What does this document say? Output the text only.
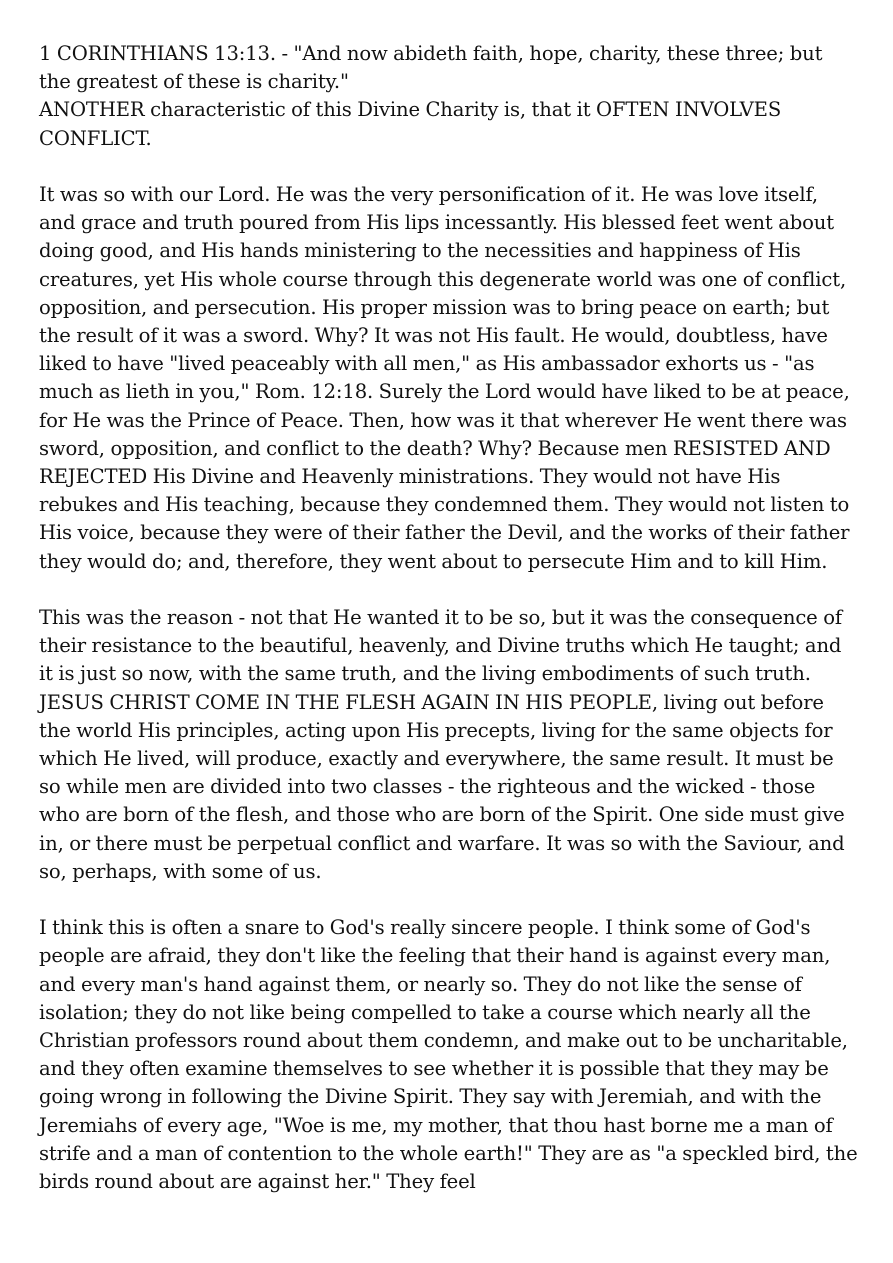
1 CORINTHIANS 13:13. - "And now abideth faith, hope, charity, these three; but the greatest of these is charity."

ANOTHER characteristic of this Divine Charity is, that it OFTEN INVOLVES CONFLICT.

It was so with our Lord. He was the very personification of it. He was love itself, and grace and truth poured from His lips incessantly. His blessed feet went about doing good, and His hands ministering to the necessities and happiness of His creatures, yet His whole course through this degenerate world was one of conflict, opposition, and persecution. His proper mission was to bring peace on earth; but the result of it was a sword. Why? It was not His fault. He would, doubtless, have liked to have "lived peaceably with all men," as His ambassador exhorts us - "as much as lieth in you," Rom. 12:18. Surely the Lord would have liked to be at peace, for He was the Prince of Peace. Then, how was it that wherever He went there was sword, opposition, and conflict to the death? Why? Because men RESISTED AND REJECTED His Divine and Heavenly ministrations. They would not have His rebukes and His teaching, because they condemned them. They would not listen to His voice, because they were of their father the Devil, and the works of their father they would do; and, therefore, they went about to persecute Him and to kill Him.

This was the reason - not that He wanted it to be so, but it was the consequence of their resistance to the beautiful, heavenly, and Divine truths which He taught; and it is just so now, with the same truth, and the living embodiments of such truth. JESUS CHRIST COME IN THE FLESH AGAIN IN HIS PEOPLE, living out before the world His principles, acting upon His precepts, living for the same objects for which He lived, will produce, exactly and everywhere, the same result. It must be so while men are divided into two classes - the righteous and the wicked - those who are born of the flesh, and those who are born of the Spirit. One side must give in, or there must be perpetual conflict and warfare. It was so with the Saviour, and so, perhaps, with some of us.

I think this is often a snare to God's really sincere people. I think some of God's people are afraid, they don't like the feeling that their hand is against every man, and every man's hand against them, or nearly so. They do not like the sense of isolation; they do not like being compelled to take a course which nearly all the Christian professors round about them condemn, and make out to be uncharitable, and they often examine themselves to see whether it is possible that they may be going wrong in following the Divine Spirit. They say with Jeremiah, and with the Jeremiahs of every age, "Woe is me, my mother, that thou hast borne me a man of strife and a man of contention to the whole earth!" They are as "a speckled bird, the birds round about are against her." They feel
